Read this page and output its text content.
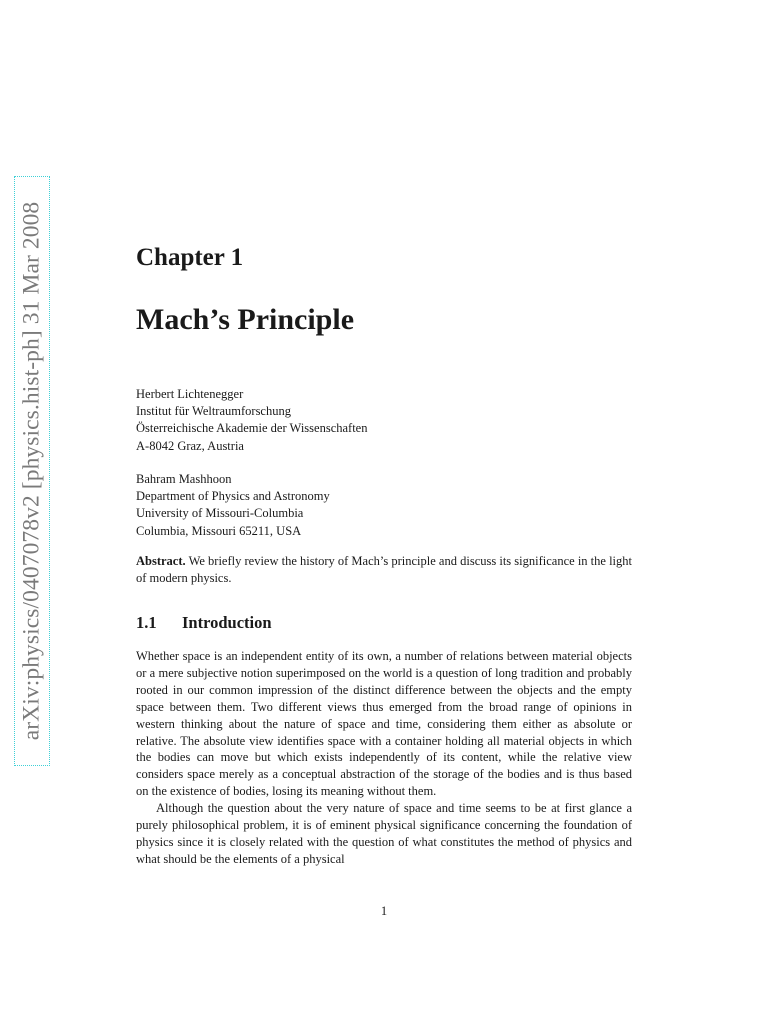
arXiv:physics/0407078v2 [physics.hist-ph] 31 Mar 2008	Chapter 1
Mach’s Principle
Herbert Lichtenegger
Institut für Weltraumforschung
Österreichische Akademie der Wissenschaften
A-8042 Graz, Austria
Bahram Mashhoon
Department of Physics and Astronomy
University of Missouri-Columbia
Columbia, Missouri 65211, USA

Abstract. We briefly review the history of Mach’s principle and discuss its significance in the light of modern physics.

1.1 Introduction

Whether space is an independent entity of its own, a number of relations between material objects or a mere subjective notion superimposed on the world is a question of long tradition and probably rooted in our common impression of the distinct difference between the objects and the empty space between them. Two different views thus emerged from the broad range of opinions in western thinking about the nature of space and time, considering them either as absolute or relative. The absolute view identifies space with a container holding all material objects in which the bodies can move but which exists independently of its content, while the relative view considers space merely as a conceptual abstraction of the storage of the bodies and is thus based on the existence of bodies, losing its meaning without them.

Although the question about the very nature of space and time seems to be at first glance a purely philosophical problem, it is of eminent physical significance concerning the foundation of physics since it is closely related with the question of what constitutes the method of physics and what should be the elements of a physical

1
